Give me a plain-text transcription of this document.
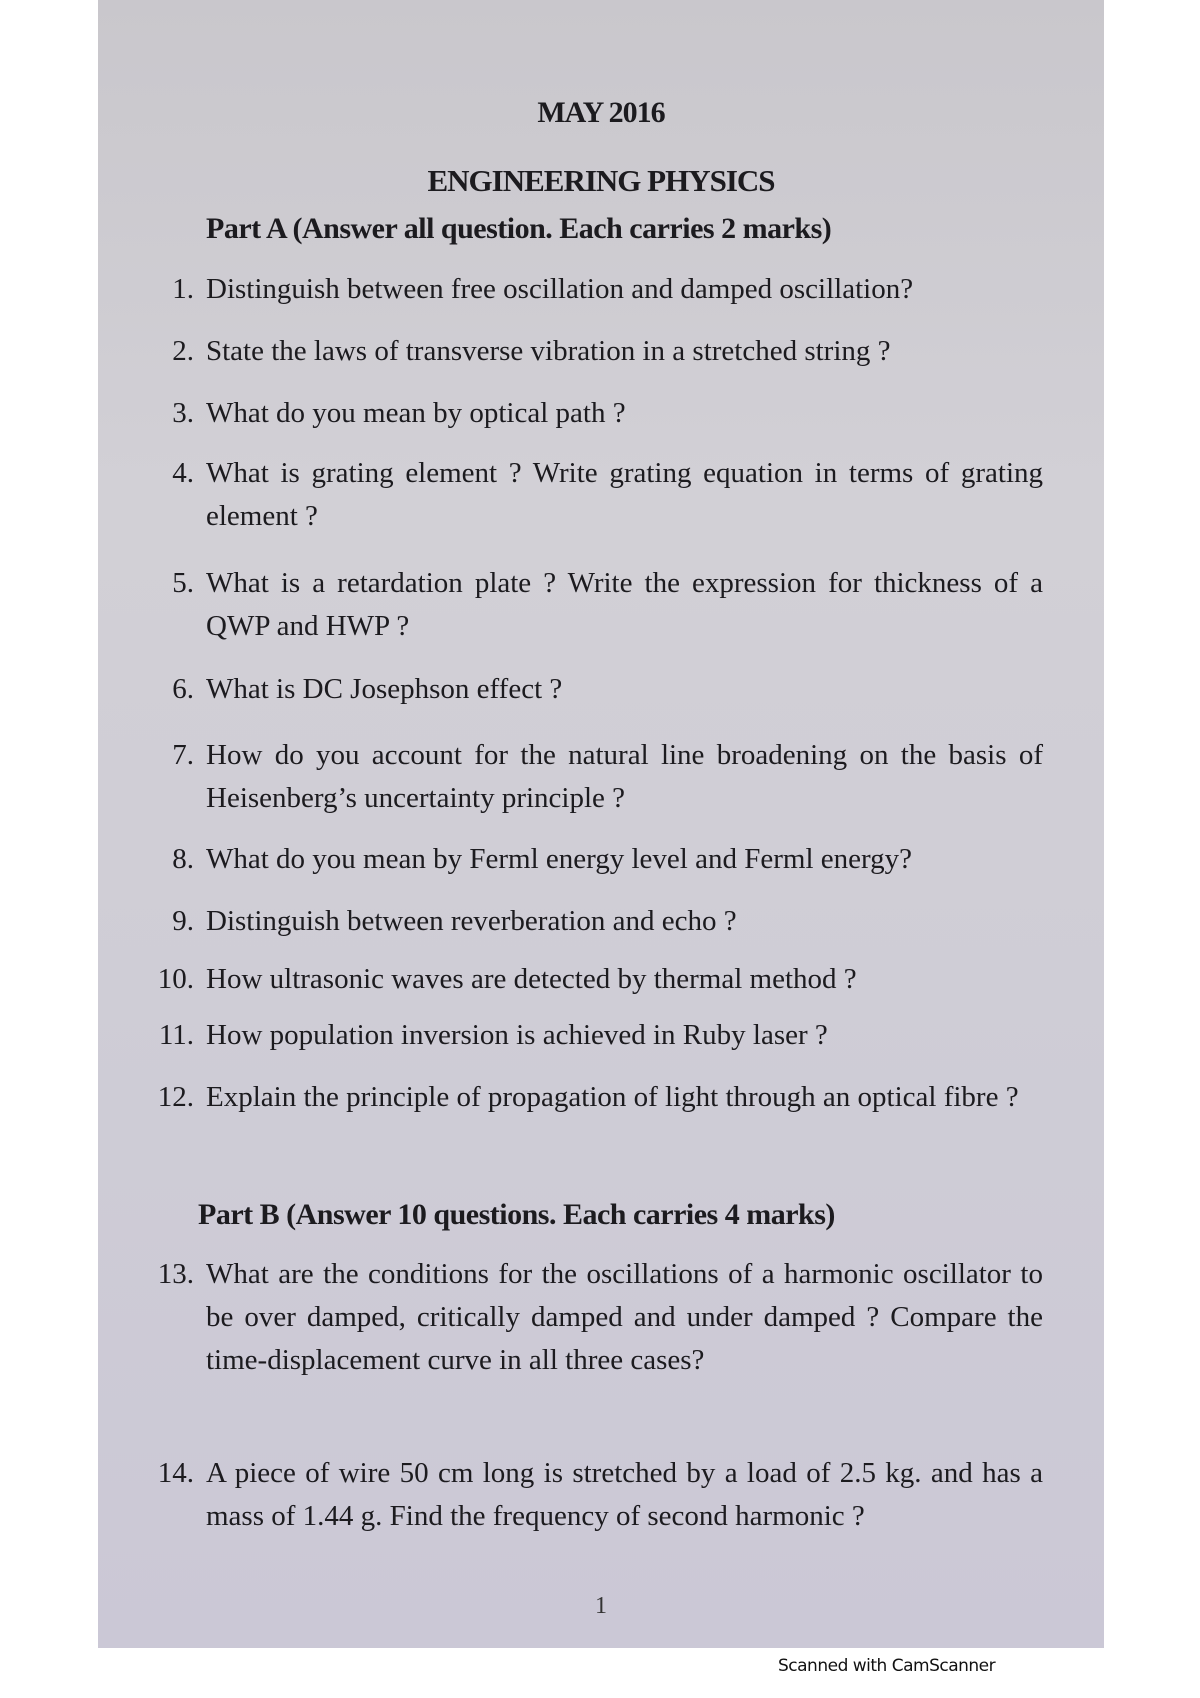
MAY 2016
ENGINEERING PHYSICS
Part A (Answer all question. Each carries 2 marks)
1. Distinguish between free oscillation and damped oscillation?
2. State the laws of transverse vibration in a stretched string ?
3. What do you mean by optical path ?
4. What is grating element ? Write grating equation in terms of grating element ?
5. What is a retardation plate ? Write the expression for thickness of a QWP and HWP ?
6. What is DC Josephson effect ?
7. How do you account for the natural line broadening on the basis of Heisenberg’s uncertainty principle ?
8. What do you mean by Ferml energy level and Ferml energy?
9. Distinguish between reverberation and echo ?
10. How ultrasonic waves are detected by thermal method ?
11. How population inversion is achieved in Ruby laser ?
12. Explain the principle of propagation of light through an optical fibre ?
Part B (Answer 10 questions. Each carries 4 marks)
13. What are the conditions for the oscillations of a harmonic oscillator to be over damped, critically damped and under damped ? Compare the time-displacement curve in all three cases?
14. A piece of wire 50 cm long is stretched by a load of 2.5 kg. and has a mass of 1.44 g. Find the frequency of second harmonic ?
1
Scanned with CamScanner
